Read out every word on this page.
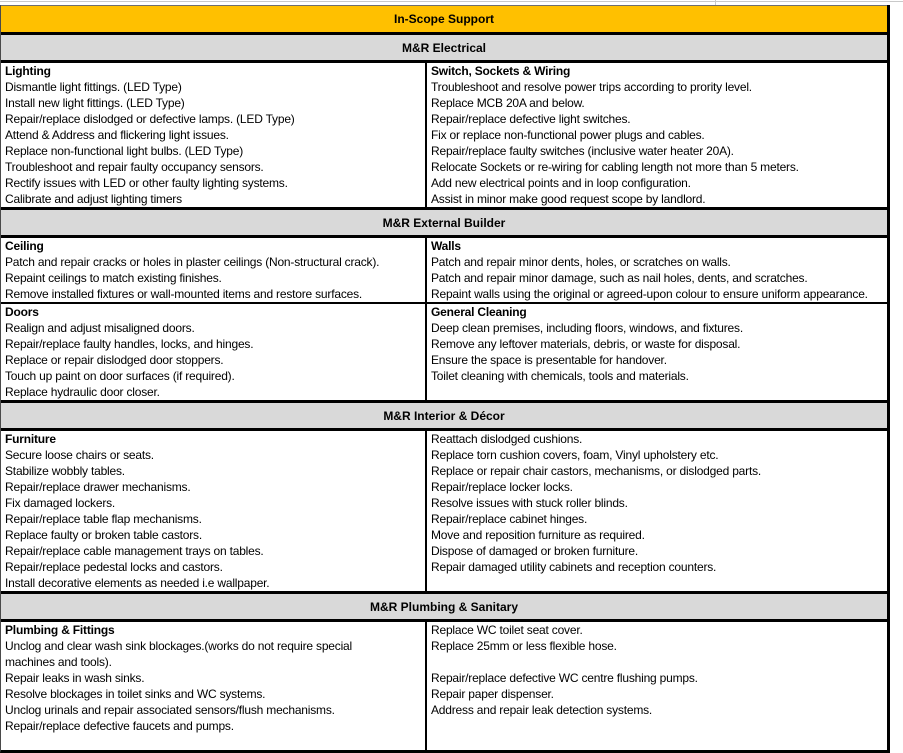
In-Scope Support
M&R Electrical
Lighting
Dismantle light fittings. (LED Type)
Install new light fittings. (LED Type)
Repair/replace dislodged or defective lamps. (LED Type)
Attend & Address and flickering light issues.
Replace non-functional light bulbs. (LED Type)
Troubleshoot and repair faulty occupancy sensors.
Rectify issues with LED or other faulty lighting systems.
Calibrate and adjust lighting timers
Switch, Sockets & Wiring
Troubleshoot and resolve power trips according to prority level.
Replace MCB 20A and below.
Repair/replace defective light switches.
Fix or replace non-functional power plugs and cables.
Repair/replace faulty switches (inclusive water heater 20A).
Relocate Sockets or re-wiring for cabling length not more than 5 meters.
Add new electrical points and in loop configuration.
Assist in minor make good request scope by landlord.
M&R External Builder
Ceiling
Patch and repair cracks or holes in plaster ceilings (Non-structural crack).
Repaint ceilings to match existing finishes.
Remove installed fixtures or wall-mounted items and restore surfaces.
Walls
Patch and repair minor dents, holes, or scratches on walls.
Patch and repair minor damage, such as nail holes, dents, and scratches.
Repaint walls using the original or agreed-upon colour to ensure uniform appearance.
Doors
Realign and adjust misaligned doors.
Repair/replace faulty handles, locks, and hinges.
Replace or repair dislodged door stoppers.
Touch up paint on door surfaces (if required).
Replace hydraulic door closer.
General Cleaning
Deep clean premises, including floors, windows, and fixtures.
Remove any leftover materials, debris, or waste for disposal.
Ensure the space is presentable for handover.
Toilet cleaning with chemicals, tools and materials.
M&R Interior & Décor
Furniture
Secure loose chairs or seats.
Stabilize wobbly tables.
Repair/replace drawer mechanisms.
Fix damaged lockers.
Repair/replace table flap mechanisms.
Replace faulty or broken table castors.
Repair/replace cable management trays on tables.
Repair/replace pedestal locks and castors.
Install decorative elements as needed i.e wallpaper.
Reattach dislodged cushions.
Replace torn cushion covers, foam, Vinyl upholstery etc.
Replace or repair chair castors, mechanisms, or dislodged parts.
Repair/replace locker locks.
Resolve issues with stuck roller blinds.
Repair/replace cabinet hinges.
Move and reposition furniture as required.
Dispose of damaged or broken furniture.
Repair damaged utility cabinets and reception counters.
M&R Plumbing & Sanitary
Plumbing & Fittings
Unclog and clear wash sink blockages.(works do not require special
machines and tools).
Repair leaks in wash sinks.
Resolve blockages in toilet sinks and WC systems.
Unclog urinals and repair associated sensors/flush mechanisms.
Repair/replace defective faucets and pumps.
Replace WC toilet seat cover.
Replace 25mm or less flexible hose.
Repair/replace defective WC centre flushing pumps.
Repair paper dispenser.
Address and repair leak detection systems.
